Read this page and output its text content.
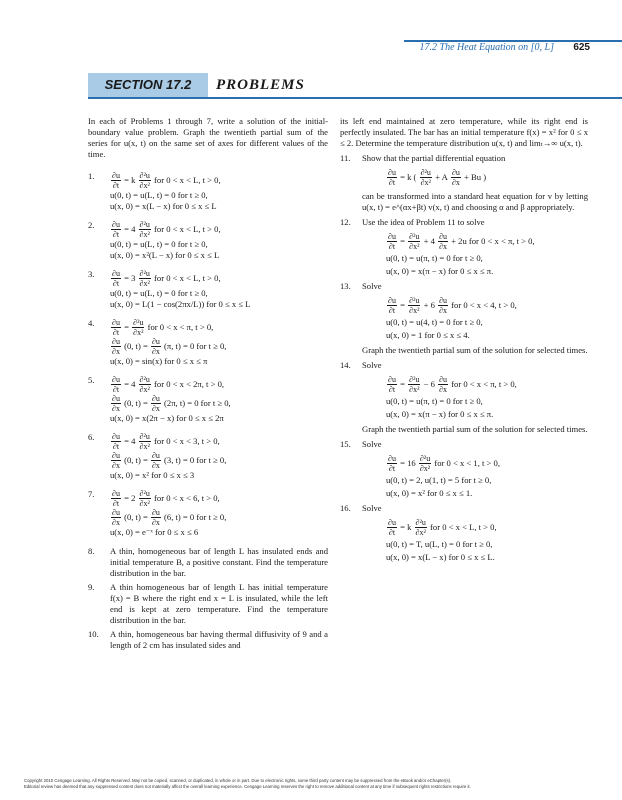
17.2 The Heat Equation on [0, L] 625
SECTION 17.2	PROBLEMS

In each of Problems 1 through 7, write a solution of the initial-boundary value problem. Graph the twentieth partial sum of the series for u(x, t) on the same set of axes for different values of the time.

1. $\frac{\partial u}{\partial t} = k \frac{\text{∂²u}}{\text{∂x²}}$ for 0 < x < L, t > 0,
u(0, t) = u(L, t) = 0 for t ≥ 0,
u(x, 0) = x(L − x) for 0 ≤ x ≤ L
2. $\frac{\partial u}{\partial t} = 4 \frac{\text{∂²u}}{\text{∂x²}}$ for 0 < x < L, t > 0,
u(0, t) = u(L, t) = 0 for t ≥ 0,
u(x, 0) = x²(L − x) for 0 ≤ x ≤ L
3. $\frac{\partial u}{\partial t} = 3 \frac{\text{∂²u}}{\text{∂x²}}$ for 0 < x < L, t > 0,
u(0, t) = u(L, t) = 0 for t ≥ 0,
u(x, 0) = L(1 − cos(2πx/L)) for 0 ≤ x ≤ L
4. $\frac{\partial u}{\partial t} = \frac{\text{∂²u}}{\text{∂x²}}$ for 0 < x < π, t > 0,
$\frac{\partial u}{\partial x} (0$, $t) = \frac{\partial u}{\partial x} (\pi$, t) = 0 for t ≥ 0,
u(x, 0) = sin(x) for 0 ≤ x ≤ π
5. $\frac{\partial u}{\partial t} = 4 \frac{\text{∂²u}}{\text{∂x²}}$ for 0 < x < 2π, t > 0,
$\frac{\partial u}{\partial x} (0$, $t) = \frac{\partial u}{\partial x} (2\pi$, t) = 0 for t ≥ 0,
u(x, 0) = x(2π − x) for 0 ≤ x ≤ 2π
6. $\frac{\partial u}{\partial t} = 4 \frac{\text{∂²u}}{\text{∂x²}}$ for 0 < x < 3, t > 0,
$\frac{\partial u}{\partial x} (0$, $t) = \frac{\partial u}{\partial x} (3$, t) = 0 for t ≥ 0,
u(x, 0) = x² for 0 ≤ x ≤ 3
7. $\frac{\partial u}{\partial t} = 2 \frac{\text{∂²u}}{\text{∂x²}}$ for 0 < x < 6, t > 0,
$\frac{\partial u}{\partial x} (0$, $t) = \frac{\partial u}{\partial x} (6$, t) = 0 for t ≥ 0,
u(x, 0) = e⁻ˣ for 0 ≤ x ≤ 6
8. A thin, homogeneous bar of length L has insulated ends and initial temperature B, a positive constant. Find the temperature distribution in the bar.

9. A thin homogeneous bar of length L has initial temperature f(x) = B where the right end x = L is insulated, while the left end is kept at zero temperature. Find the temperature distribution in the bar.

10. A thin, homogeneous bar having thermal diffusivity of 9 and a length of 2 cm has insulated sides and

its left end maintained at zero temperature, while its right end is perfectly insulated. The bar has an initial temperature f(x) = x² for 0 ≤ x ≤ 2. Determine the temperature distribution u(x, t) and limₜ→∞ u(x, t).

11. Show that the partial differential equation

$\frac{\partial u}{\partial t} = k$ ( $\frac{\text{∂²u}}{\text{∂x²}} + A \frac{\partial u}{\partial x} + Bu$ )

can be transformed into a standard heat equation for v by letting u(x, t) = e^(αx+βt) v(x, t) and choosing α and β appropriately.

12. Use the idea of Problem 11 to solve

$\frac{\partial u}{\partial t} = \frac{\text{∂²u}}{\text{∂x²}} + 4 \frac{\partial u}{\partial x} + 2u$ for 0 < x < π, t > 0,
u(0, t) = u(π, t) = 0 for t ≥ 0,
u(x, 0) = x(π − x) for 0 ≤ x ≤ π.
13. Solve

$\frac{\partial u}{\partial t} = \frac{\text{∂²u}}{\text{∂x²}} + 6 \frac{\partial u}{\partial x}$ for 0 < x < 4, t > 0,
u(0, t) = u(4, t) = 0 for t ≥ 0,
u(x, 0) = 1 for 0 ≤ x ≤ 4.

Graph the twentieth partial sum of the solution for selected times.

14. Solve

$\frac{\partial u}{\partial t} = \frac{\text{∂²u}}{\text{∂x²}} - 6 \frac{\partial u}{\partial x}$ for 0 < x < π, t > 0,
u(0, t) = u(π, t) = 0 for t ≥ 0,
u(x, 0) = x(π − x) for 0 ≤ x ≤ π.

Graph the twentieth partial sum of the solution for selected times.

15. Solve

$\frac{\partial u}{\partial t} = 16 \frac{\text{∂²u}}{\text{∂x²}}$ for 0 < x < 1, t > 0,
u(0, t) = 2, u(1, t) = 5 for t ≥ 0,
u(x, 0) = x² for 0 ≤ x ≤ 1.
16. Solve

$\frac{\partial u}{\partial t} = k \frac{\text{∂²u}}{\text{∂x²}}$ for 0 < x < L, t > 0,
u(0, t) = T, u(L, t) = 0 for t ≥ 0,
u(x, 0) = x(L − x) for 0 ≤ x ≤ L.
Copyright 2010 Cengage Learning. All Rights Reserved. May not be copied, scanned, or duplicated, in whole or in part. Due to electronic rights, some third party content may be suppressed from the eBook and/or eChapter(s).
Editorial review has deemed that any suppressed content does not materially affect the overall learning experience. Cengage Learning reserves the right to remove additional content at any time if subsequent rights restrictions require it.
